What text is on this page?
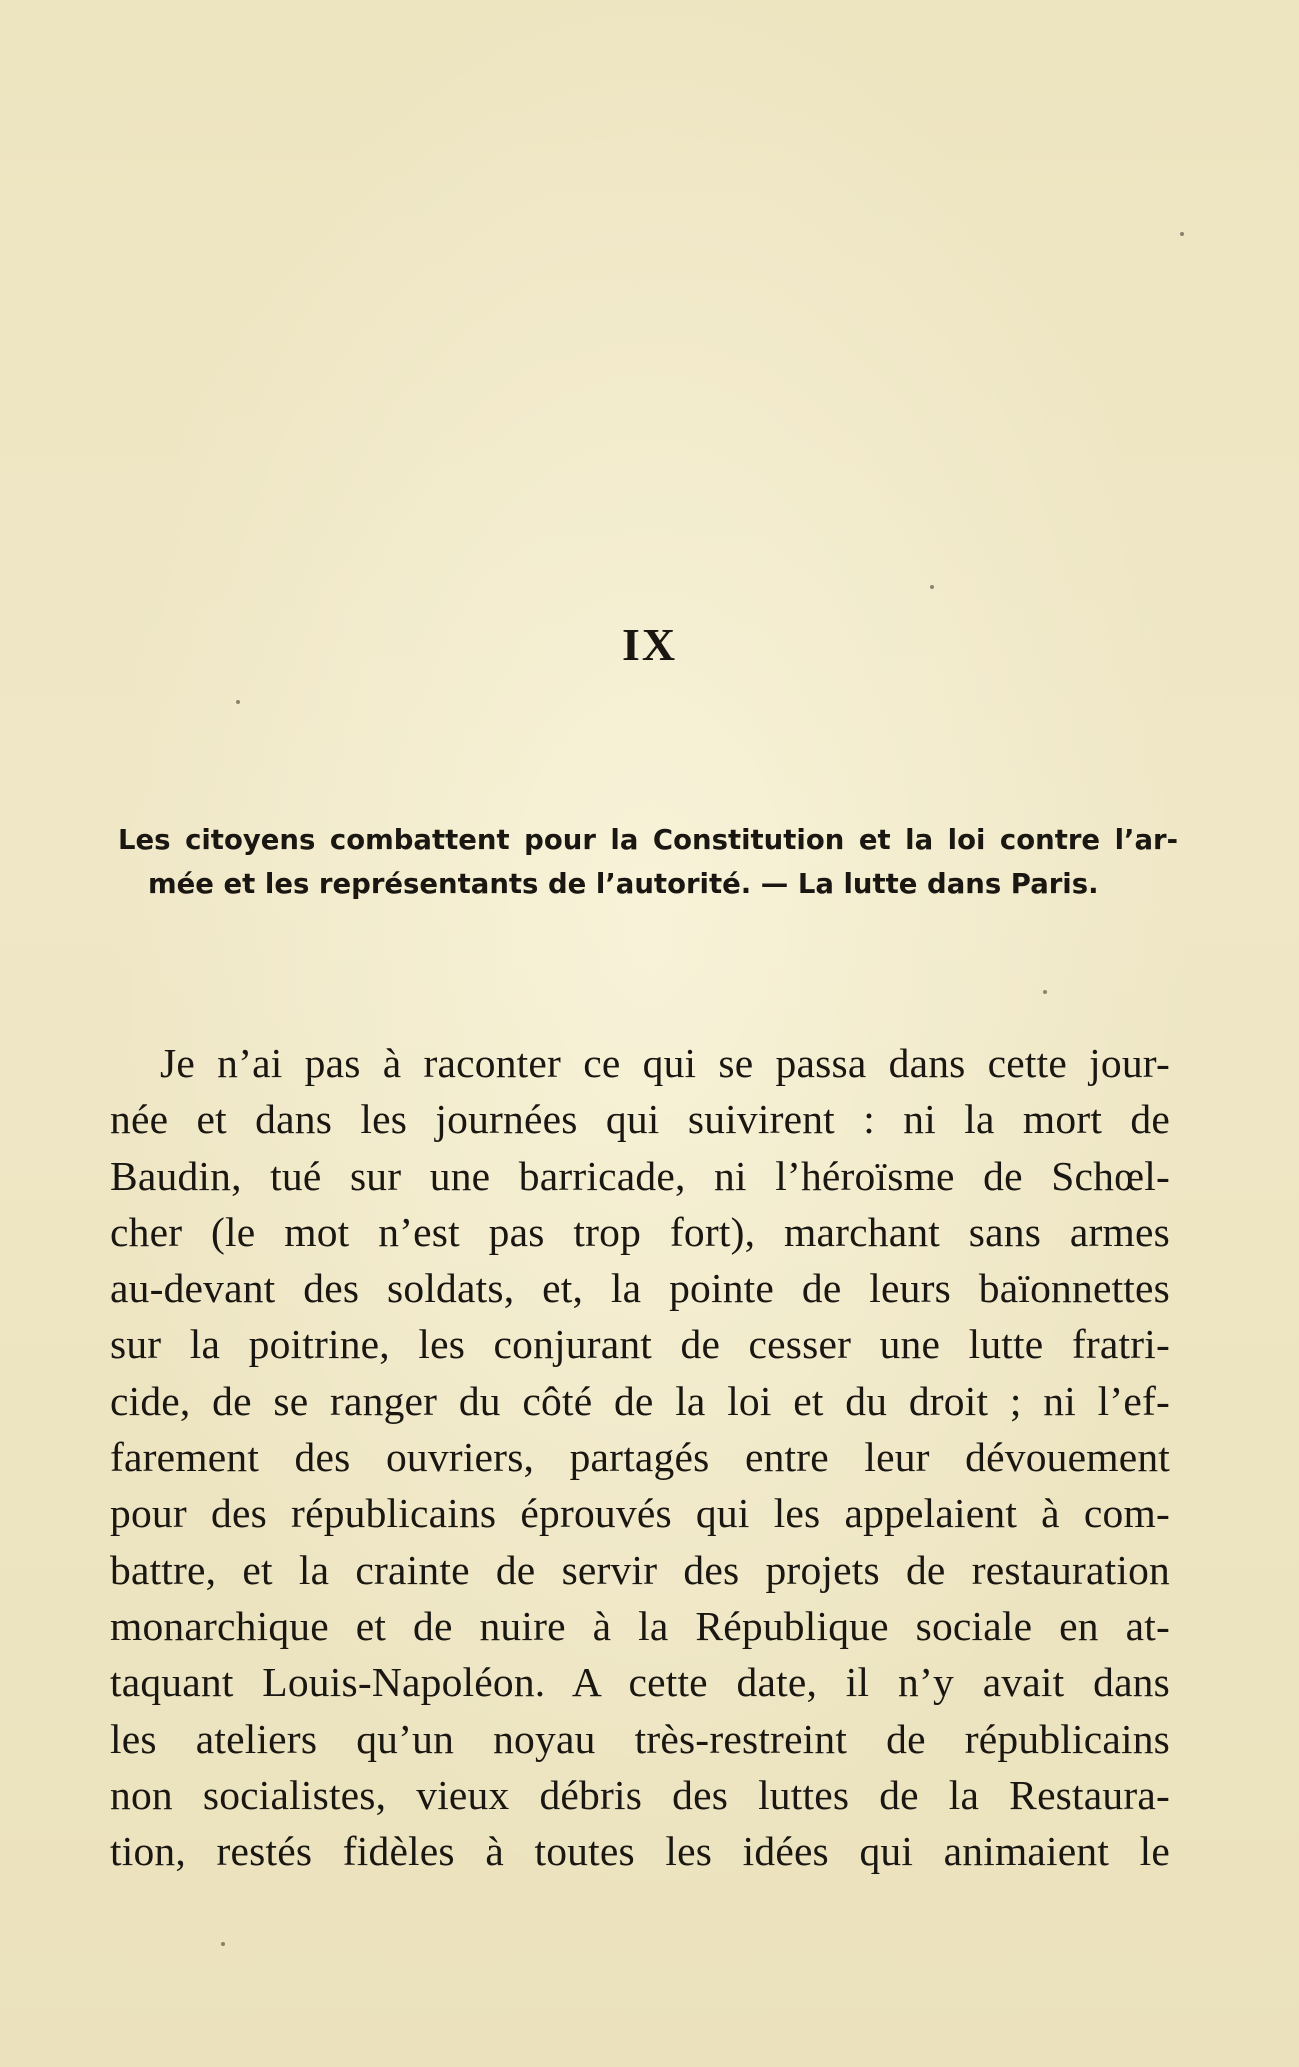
IX
Les citoyens combattent pour la Constitution et la loi contre l’ar-
mée et les représentants de l’autorité. — La lutte dans Paris.
Je n’ai pas à raconter ce qui se passa dans cette jour-
née et dans les journées qui suivirent : ni la mort de
Baudin, tué sur une barricade, ni l’héroïsme de Schœl-
cher (le mot n’est pas trop fort), marchant sans armes
au-devant des soldats, et, la pointe de leurs baïonnettes
sur la poitrine, les conjurant de cesser une lutte fratri-
cide, de se ranger du côté de la loi et du droit ; ni l’ef-
farement des ouvriers, partagés entre leur dévouement
pour des républicains éprouvés qui les appelaient à com-
battre, et la crainte de servir des projets de restauration
monarchique et de nuire à la République sociale en at-
taquant Louis-Napoléon. A cette date, il n’y avait dans
les ateliers qu’un noyau très-restreint de républicains
non socialistes, vieux débris des luttes de la Restaura-
tion, restés fidèles à toutes les idées qui animaient le
